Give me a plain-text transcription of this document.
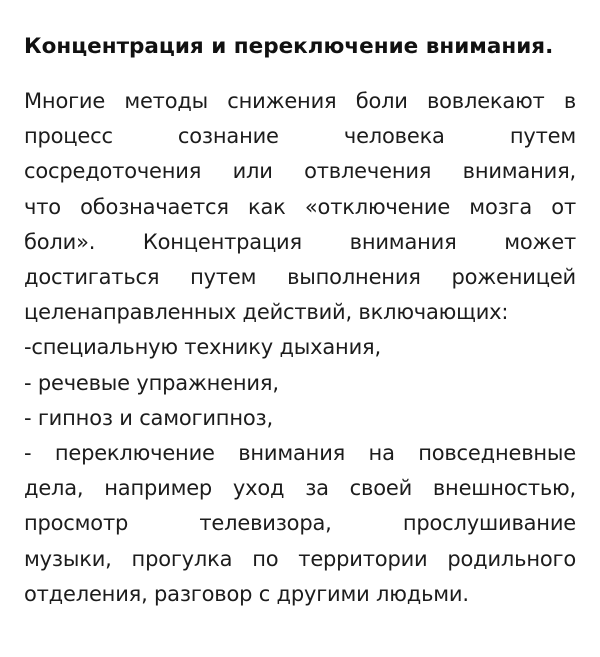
Концентрация и переключение внимания.
Многие методы снижения боли вовлекают в
процесс сознание человека путем
сосредоточения или отвлечения внимания,
что обозначается как «отключение мозга от
боли». Концентрация внимания может
достигаться путем выполнения роженицей
целенаправленных действий, включающих:
-специальную технику дыхания,
- речевые упражнения,
- гипноз и самогипноз,
- переключение внимания на повседневные
дела, например уход за своей внешностью,
просмотр телевизора, прослушивание
музыки, прогулка по территории родильного
отделения, разговор с другими людьми.
